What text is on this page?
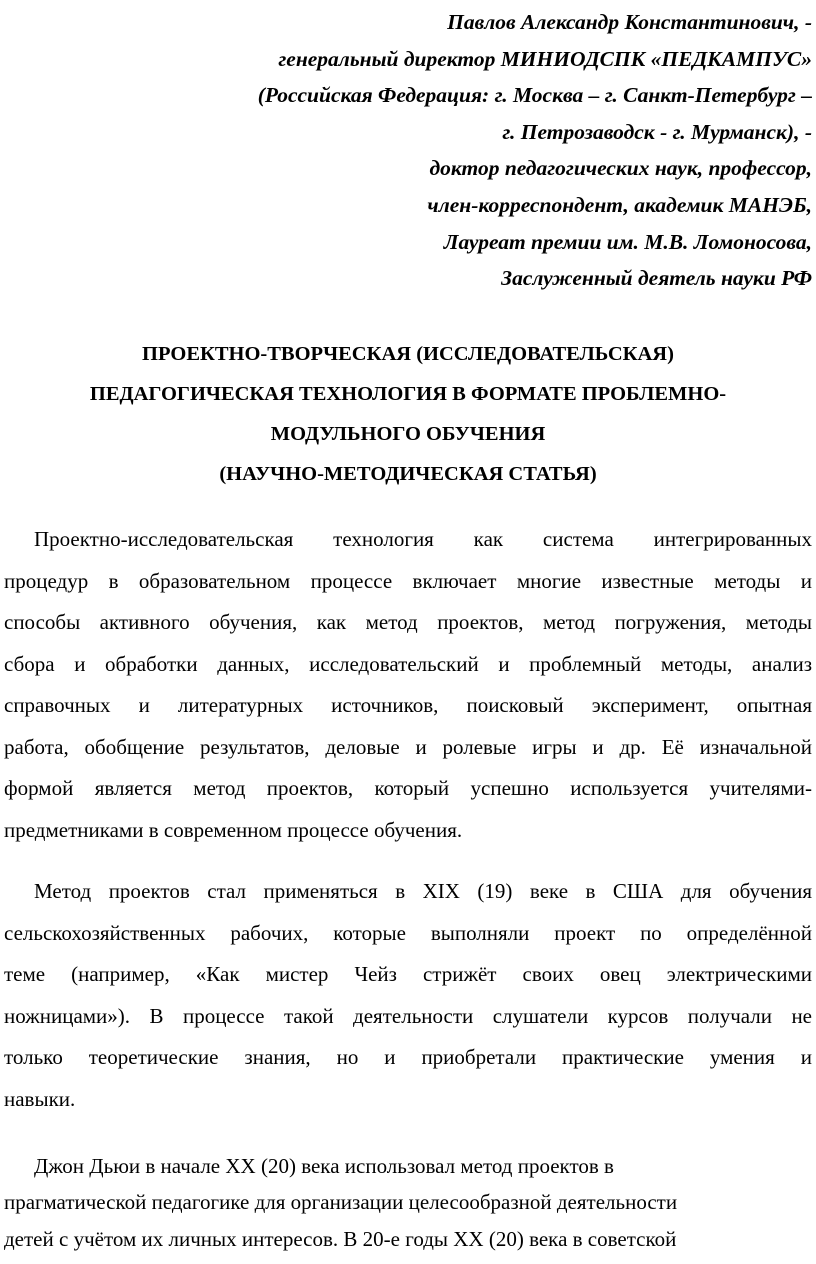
Павлов Александр Константинович, -
генеральный директор МИНИОДСПК «ПЕДКАМПУС»
(Российская Федерация: г. Москва – г. Санкт-Петербург –
г. Петрозаводск - г. Мурманск), -
доктор педагогических наук, профессор,
член-корреспондент, академик МАНЭБ,
Лауреат премии им. М.В. Ломоносова,
Заслуженный деятель науки РФ
ПРОЕКТНО-ТВОРЧЕСКАЯ (ИССЛЕДОВАТЕЛЬСКАЯ)
ПЕДАГОГИЧЕСКАЯ ТЕХНОЛОГИЯ В ФОРМАТЕ ПРОБЛЕМНО-
МОДУЛЬНОГО ОБУЧЕНИЯ
(НАУЧНО-МЕТОДИЧЕСКАЯ СТАТЬЯ)
Проектно-исследовательская технология как система интегрированных
процедур в образовательном процессе включает многие известные методы и
способы активного обучения, как метод проектов, метод погружения, методы
сбора и обработки данных, исследовательский и проблемный методы, анализ
справочных и литературных источников, поисковый эксперимент, опытная
работа, обобщение результатов, деловые и ролевые игры и др. Её изначальной
формой является метод проектов, который успешно используется учителями-
предметниками в современном процессе обучения.
Метод проектов стал применяться в XIX (19) веке в США для обучения
сельскохозяйственных рабочих, которые выполняли проект по определённой
теме (например, «Как мистер Чейз стрижёт своих овец электрическими
ножницами»). В процессе такой деятельности слушатели курсов получали не
только теоретические знания, но и приобретали практические умения и
навыки.
Джон Дьюи в начале XX (20) века использовал метод проектов в
прагматической педагогике для организации целесообразной деятельности
детей с учётом их личных интересов. В 20-е годы XX (20) века в советской
